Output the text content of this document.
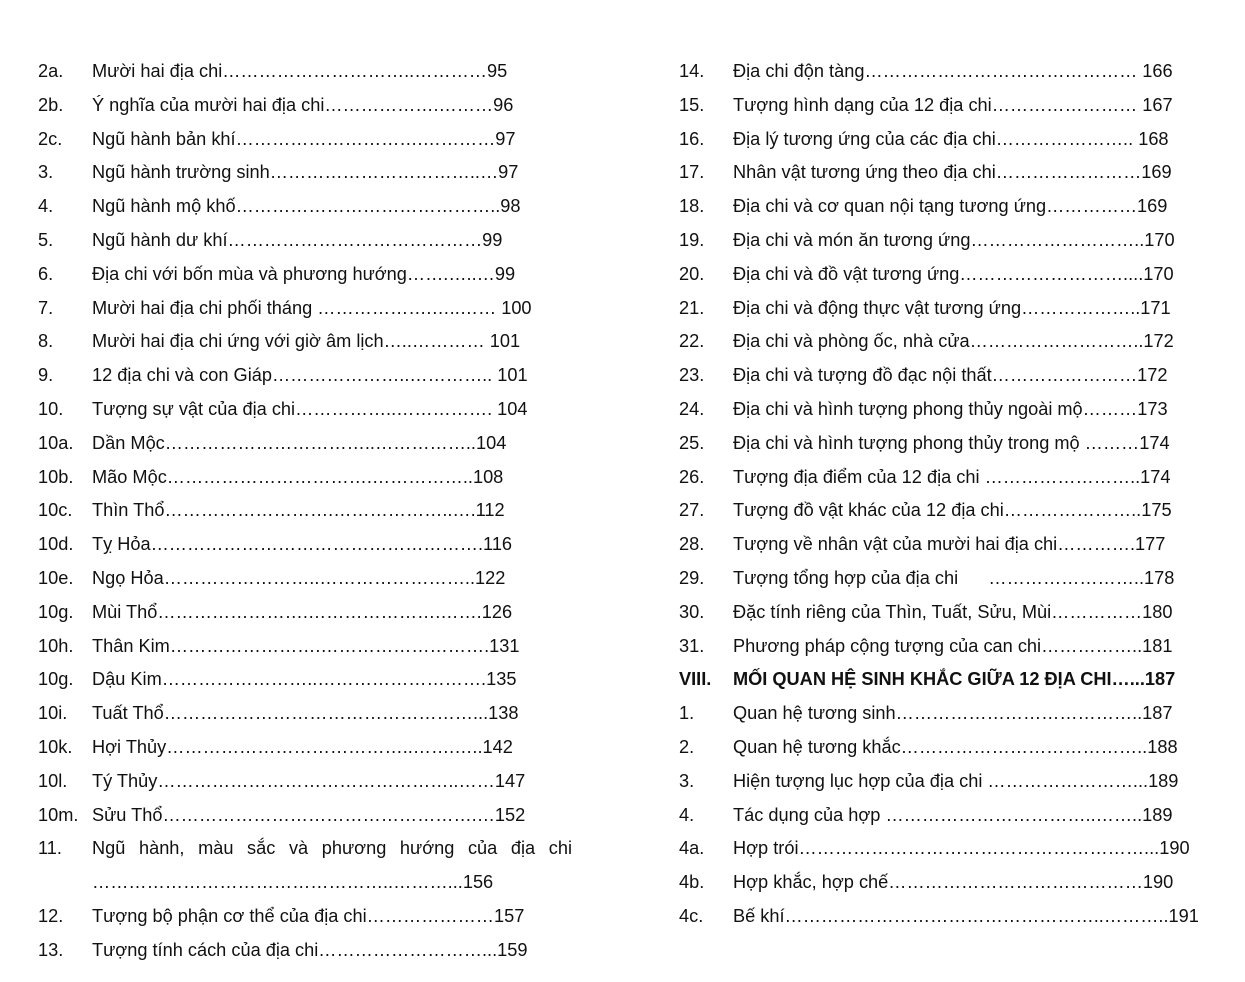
2a.	Mười hai địa chi…………………………..…………95
2b.	Ý nghĩa của mười hai địa chi……………….………96
2c.	Ngũ hành bản khí………………………….…………97
3.	Ngũ hành trường sinh……………………………..…97
4.	Ngũ hành mộ khố……………………………………..98
5.	Ngũ hành dư khí……………………………………99
6.	Địa chi với bốn mùa và phương hướng…….…..…99
7.	Mười hai địa chi phối tháng ……………….…..…… 100
8.	Mười hai địa chi ứng với giờ âm lịch…..………… 101
9.	12 địa chi và con Giáp…………………..………….. 101
10.	Tượng sự vật của địa chi……………..……………. 104
10a.	Dần Mộc……………………………..……………..104
10b.	Mão Mộc…………………………….……………..108
10c.	Thìn Thổ……………………….………………..….112
10d.	Tỵ Hỏa……………………………………………….116
10e.	Ngọ Hỏa……………………..……………………..122
10g.	Mùi Thổ…………………….………………….…….126
10h.	Thân Kim…………………….……………………….131
10g.	Dậu Kim……………………..……………………….135
10i.	Tuất Thổ……………………………………………...138
10k.	Hợi Thủy…………………………………..…….…..142
10l.	Tý Thủy…………………………………………..……147
10m. Sửu Thổ…………………………………………….…152
11.	Ngũ hành, màu sắc và phương hướng của địa chi
…………………………………………..………...156
12.	Tượng bộ phận cơ thể của địa chi…………………157
13.	Tượng tính cách của địa chi………………………...159
14.	Địa chi độn tàng……………………………………… 166
15.	Tượng hình dạng của 12 địa chi…………………… 167
16.	Địa lý tương ứng của các địa chi………………….. 168
17.	Nhân vật tương ứng theo địa chi……………………169
18.	Địa chi và cơ quan nội tạng tương ứng……………169
19.	Địa chi và món ăn tương ứng………………………..170
20.	Địa chi và đồ vật tương ứng………………………....170
21.	Địa chi và động thực vật tương ứng………………..171
22.	Địa chi và phòng ốc, nhà cửa………………………..172
23.	Địa chi và tượng đồ đạc nội thất……………………172
24.	Địa chi và hình tượng phong thủy ngoài mộ………173
25.	Địa chi và hình tượng phong thủy trong mộ ………174
26.	Tượng địa điểm của 12 địa chi ……………………..174
27.	Tượng đồ vật khác của 12 địa chi…………………..175
28.	Tượng về nhân vật của mười hai địa chi………….177
29.	Tượng tổng hợp của địa chi      ……………………..178
30.	Đặc tính riêng của Thìn, Tuất, Sửu, Mùi……………180
31.	Phương pháp cộng tượng của can chi……………..181
VIII.	MỐI QUAN HỆ SINH KHẮC GIỮA 12 ĐỊA CHI…...187
1.	Quan hệ tương sinh…………………………………..187
2.	Quan hệ tương khắc…………………………………..188
3.	Hiện tượng lục hợp của địa chi ……………………...189
4.	Tác dụng của hợp ……………………………..……..189
4a.	Hợp trói…………………………………………………...190
4b.	Hợp khắc, hợp chế……………………………………190
4c.	Bế khí……………………………………………..………..191
